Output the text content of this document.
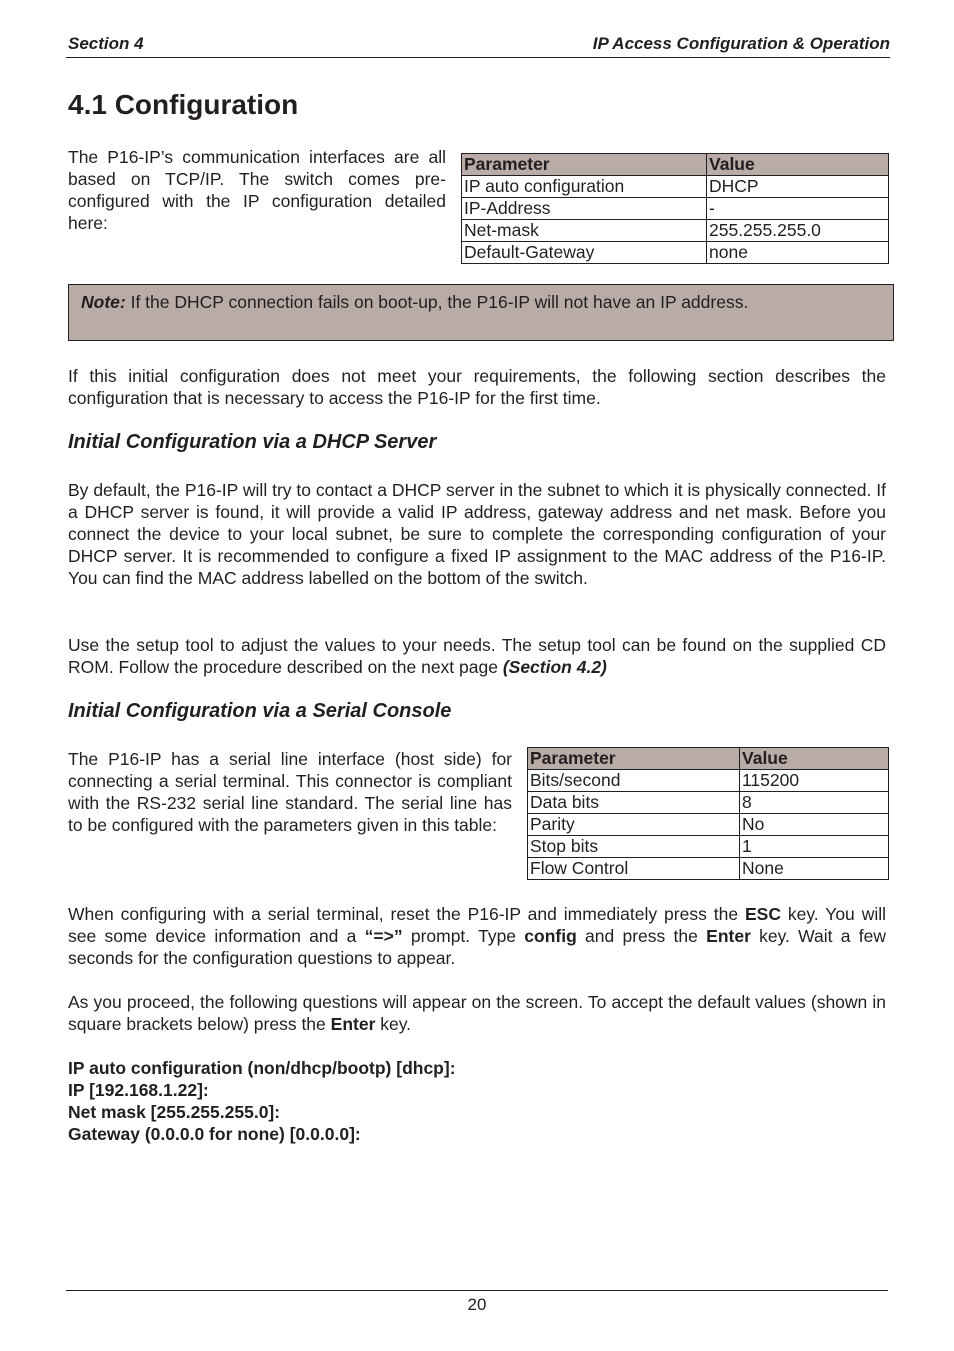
Section 4	IP Access Configuration & Operation
4.1 Configuration

The P16-IP’s communication interfaces are all based on TCP/IP. The switch comes pre-configured with the IP configuration detailed here:

Parameter	Value
IP auto configuration	DHCP
IP-Address	-
Net-mask	255.255.255.0
Default-Gateway	none
Note: If the DHCP connection fails on boot-up, the P16-IP will not have an IP address.

If this initial configuration does not meet your requirements, the following section describes the configuration that is necessary to access the P16-IP for the first time.

Initial Configuration via a DHCP Server

By default, the P16-IP will try to contact a DHCP server in the subnet to which it is physically connected. If a DHCP server is found, it will provide a valid IP address, gateway address and net mask. Before you connect the device to your local subnet, be sure to complete the corresponding configuration of your DHCP server. It is recommended to configure a fixed IP assignment to the MAC address of the P16-IP. You can find the MAC address labelled on the bottom of the switch.

Use the setup tool to adjust the values to your needs. The setup tool can be found on the supplied CD ROM. Follow the procedure described on the next page (Section 4.2)

Initial Configuration via a Serial Console

The P16-IP has a serial line interface (host side) for connecting a serial terminal. This connector is compliant with the RS-232 serial line standard. The serial line has to be configured with the parameters given in this table:

Parameter	Value
Bits/second	115200
Data bits	8
Parity	No
Stop bits	1
Flow Control	None

When configuring with a serial terminal, reset the P16-IP and immediately press the ESC key. You will see some device information and a “=>” prompt. Type config and press the Enter key. Wait a few seconds for the configuration questions to appear.

As you proceed, the following questions will appear on the screen. To accept the default values (shown in square brackets below) press the Enter key.

IP auto configuration (non/dhcp/bootp) [dhcp]:
IP [192.168.1.22]:
Net mask [255.255.255.0]:
Gateway (0.0.0.0 for none) [0.0.0.0]:
20
